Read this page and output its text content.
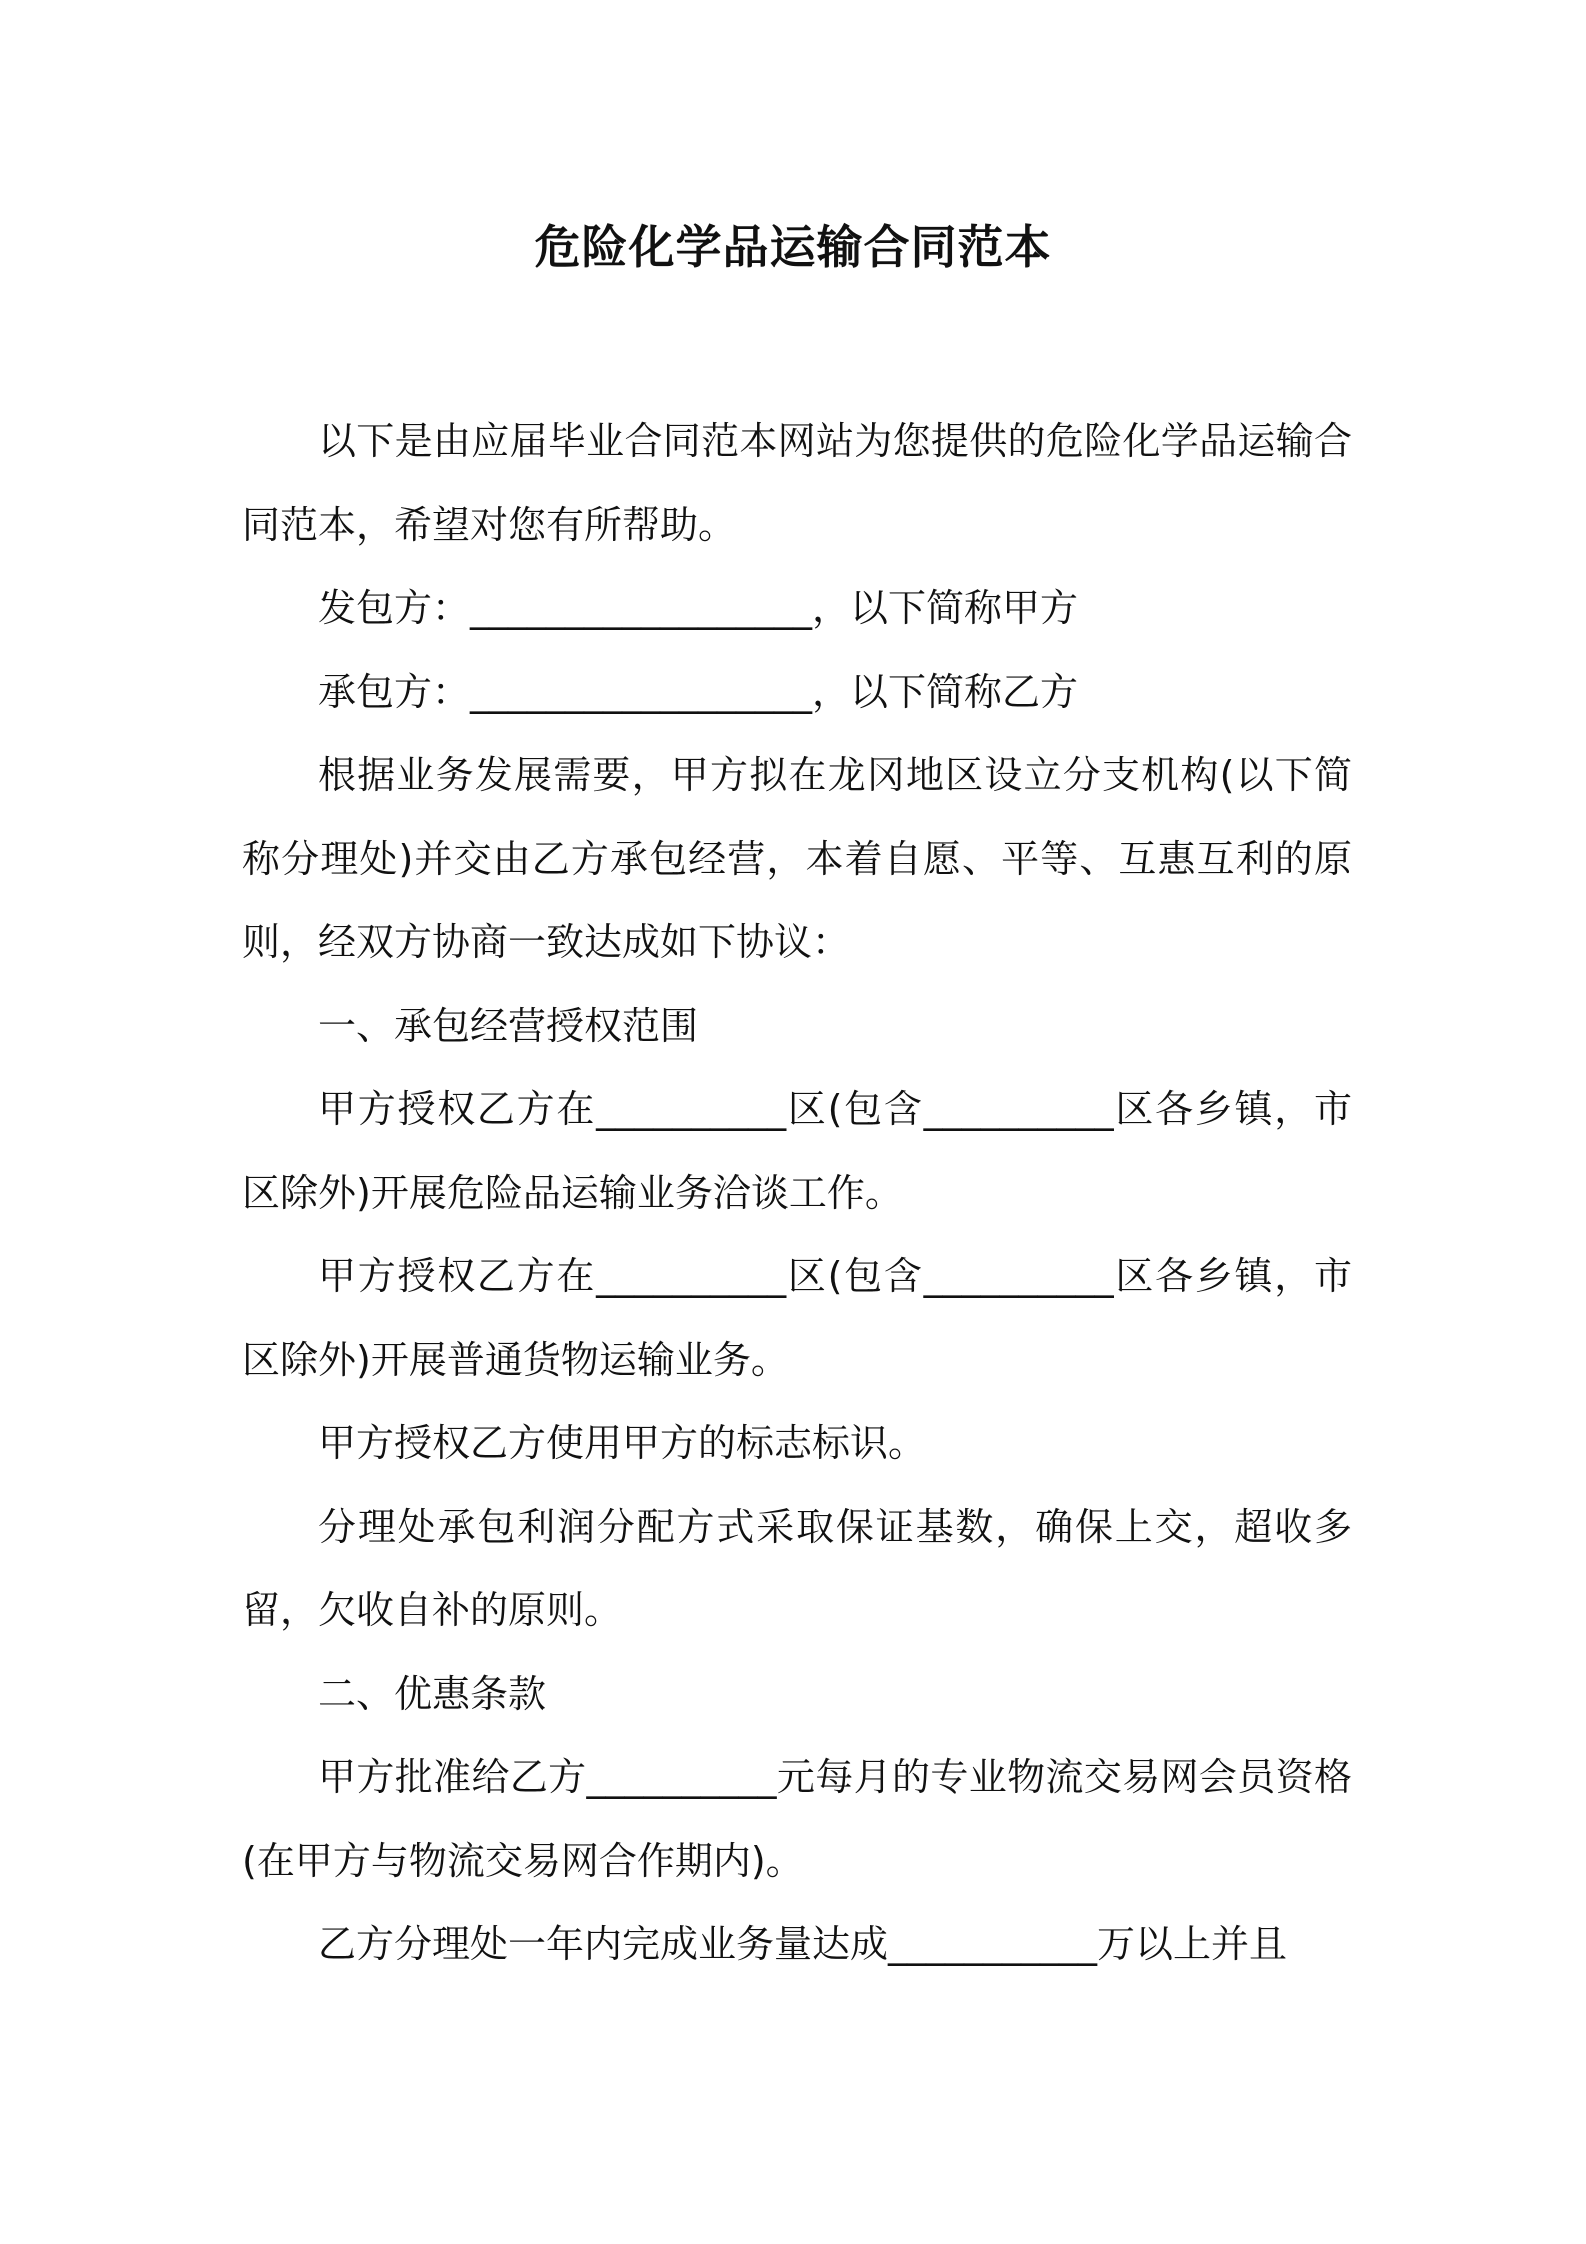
危险化学品运输合同范本

以下是由应届毕业合同范本网站为您提供的危险化学品运输合同范本，希望对您有所帮助。

发包方：__________________，以下简称甲方

承包方：__________________，以下简称乙方

根据业务发展需要，甲方拟在龙冈地区设立分支机构(以下简称分理处)并交由乙方承包经营，本着自愿、平等、互惠互利的原则，经双方协商一致达成如下协议：

一、承包经营授权范围

甲方授权乙方在__________区(包含__________区各乡镇，市区除外)开展危险品运输业务洽谈工作。

甲方授权乙方在__________区(包含__________区各乡镇，市区除外)开展普通货物运输业务。

甲方授权乙方使用甲方的标志标识。

分理处承包利润分配方式采取保证基数，确保上交，超收多留，欠收自补的原则。

二、优惠条款

甲方批准给乙方__________元每月的专业物流交易网会员资格(在甲方与物流交易网合作期内)。

乙方分理处一年内完成业务量达成___________万以上并且
